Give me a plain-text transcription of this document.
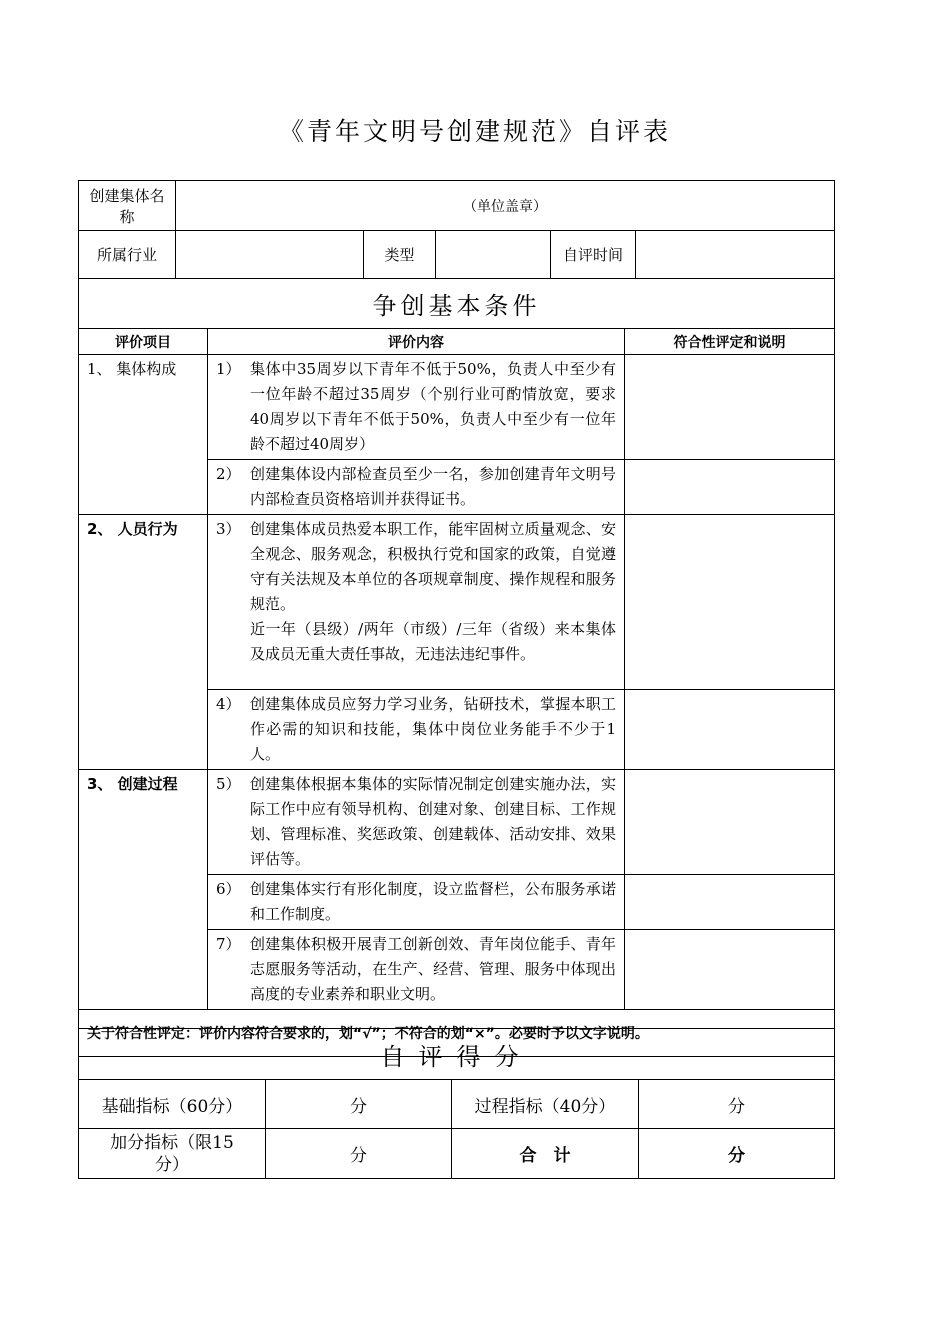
《青年文明号创建规范》自评表
创建集体名称	（单位盖章）				
所属行业		类型		自评时间	
争创基本条件		
评价项目	评价内容	符合性评定和说明
1、 集体构成	1） 集体中35周岁以下青年不低于50%，负责人中至少有一位年龄不超过35周岁（个别行业可酌情放宽，要求40周岁以下青年不低于50%，负责人中至少有一位年龄不超过40周岁）	

	2） 创建集体设内部检查员至少一名，参加创建青年文明号内部检查员资格培训并获得证书。	

2、 人员行为	3） 创建集体成员热爱本职工作，能牢固树立质量观念、安全观念、服务观念，积极执行党和国家的政策，自觉遵守有关法规及本单位的各项规章制度、操作规程和服务规范。
近一年（县级）/两年（市级）/三年（省级）来本集体及成员无重大责任事故，无违法违纪事件。	

	4） 创建集体成员应努力学习业务，钻研技术，掌握本职工作必需的知识和技能，集体中岗位业务能手不少于1人。	

3、 创建过程	5） 创建集体根据本集体的实际情况制定创建实施办法，实际工作中应有领导机构、创建对象、创建目标、工作规划、管理标准、奖惩政策、创建载体、活动安排、效果评估等。	

	6） 创建集体实行有形化制度，设立监督栏，公布服务承诺和工作制度。	

	7） 创建集体积极开展青工创新创效、青年岗位能手、青年志愿服务等活动，在生产、经营、管理、服务中体现出高度的专业素养和职业文明。	

关于符合性评定：评价内容符合要求的，划“√”；不符合的划“×”。必要时予以文字说明。		
自评得分			
基础指标（60分）	分	过程指标（40分）	分
加分指标（限15分）	分	合　计	分
